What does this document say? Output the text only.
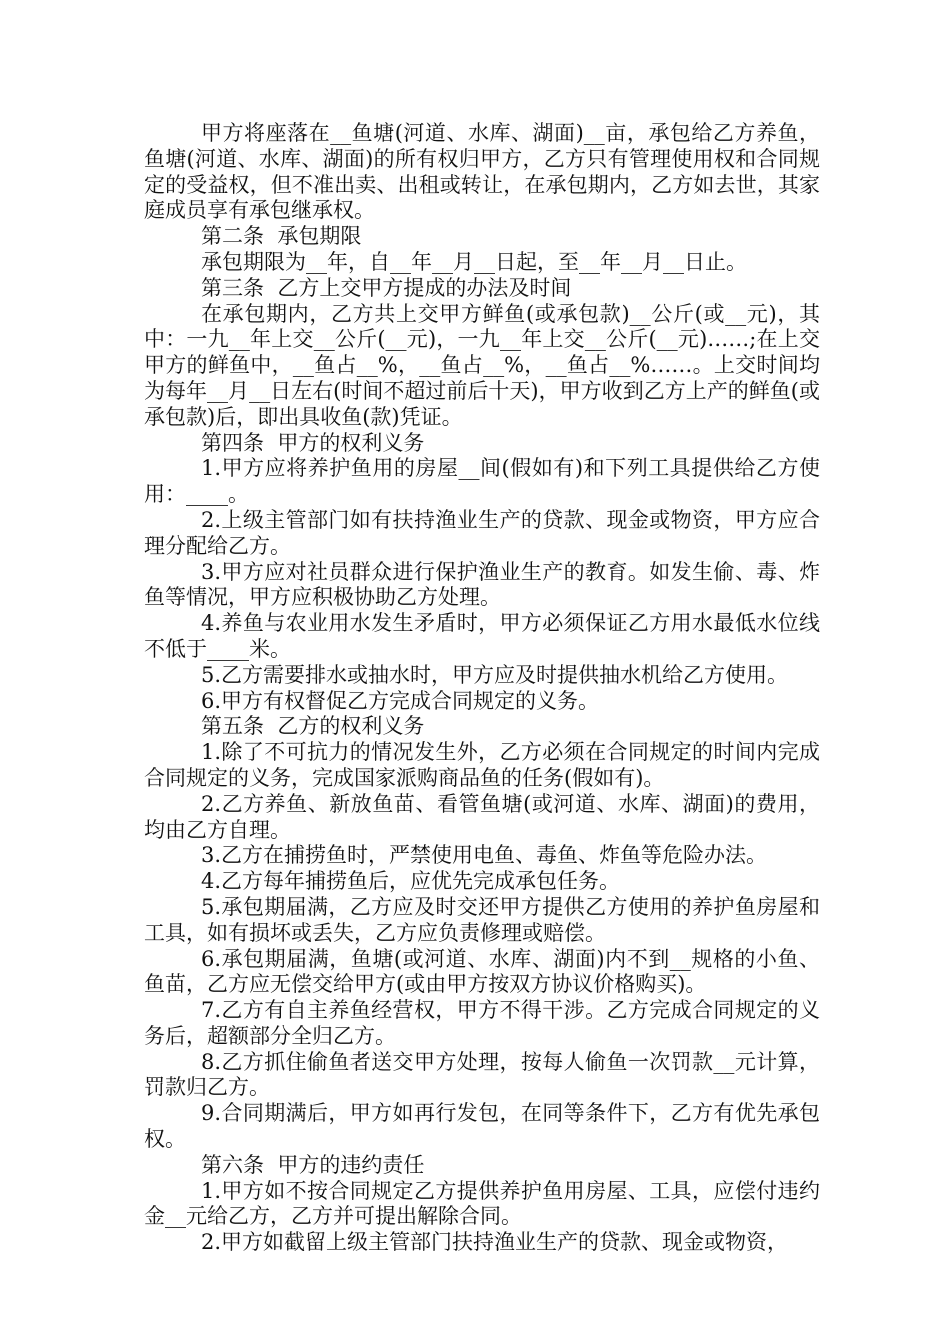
甲方将座落在__鱼塘(河道、水库、湖面)__亩，承包给乙方养鱼，鱼塘(河道、水库、湖面)的所有权归甲方，乙方只有管理使用权和合同规定的受益权，但不准出卖、出租或转让，在承包期内，乙方如去世，其家庭成员享有承包继承权。

第二条  承包期限

承包期限为__年，自__年__月__日起，至__年__月__日止。

第三条  乙方上交甲方提成的办法及时间

在承包期内，乙方共上交甲方鲜鱼(或承包款)__公斤(或__元)，其中：一九__年上交__公斤(__元)，一九__年上交__公斤(__元)……;在上交甲方的鲜鱼中，__鱼占__%，__鱼占__%，__鱼占__%……。上交时间均为每年__月__日左右(时间不超过前后十天)，甲方收到乙方上产的鲜鱼(或承包款)后，即出具收鱼(款)凭证。

第四条  甲方的权利义务

1.甲方应将养护鱼用的房屋__间(假如有)和下列工具提供给乙方使用：____。

2.上级主管部门如有扶持渔业生产的贷款、现金或物资，甲方应合理分配给乙方。

3.甲方应对社员群众进行保护渔业生产的教育。如发生偷、毒、炸鱼等情况，甲方应积极协助乙方处理。

4.养鱼与农业用水发生矛盾时，甲方必须保证乙方用水最低水位线不低于____米。

5.乙方需要排水或抽水时，甲方应及时提供抽水机给乙方使用。

6.甲方有权督促乙方完成合同规定的义务。

第五条  乙方的权利义务

1.除了不可抗力的情况发生外，乙方必须在合同规定的时间内完成合同规定的义务，完成国家派购商品鱼的任务(假如有)。

2.乙方养鱼、新放鱼苗、看管鱼塘(或河道、水库、湖面)的费用，均由乙方自理。

3.乙方在捕捞鱼时，严禁使用电鱼、毒鱼、炸鱼等危险办法。

4.乙方每年捕捞鱼后，应优先完成承包任务。

5.承包期届满，乙方应及时交还甲方提供乙方使用的养护鱼房屋和工具，如有损坏或丢失，乙方应负责修理或赔偿。

6.承包期届满，鱼塘(或河道、水库、湖面)内不到__规格的小鱼、鱼苗，乙方应无偿交给甲方(或由甲方按双方协议价格购买)。

7.乙方有自主养鱼经营权，甲方不得干涉。乙方完成合同规定的义务后，超额部分全归乙方。

8.乙方抓住偷鱼者送交甲方处理，按每人偷鱼一次罚款__元计算，罚款归乙方。

9.合同期满后，甲方如再行发包，在同等条件下，乙方有优先承包权。

第六条  甲方的违约责任

1.甲方如不按合同规定乙方提供养护鱼用房屋、工具，应偿付违约金__元给乙方，乙方并可提出解除合同。

2.甲方如截留上级主管部门扶持渔业生产的贷款、现金或物资，
